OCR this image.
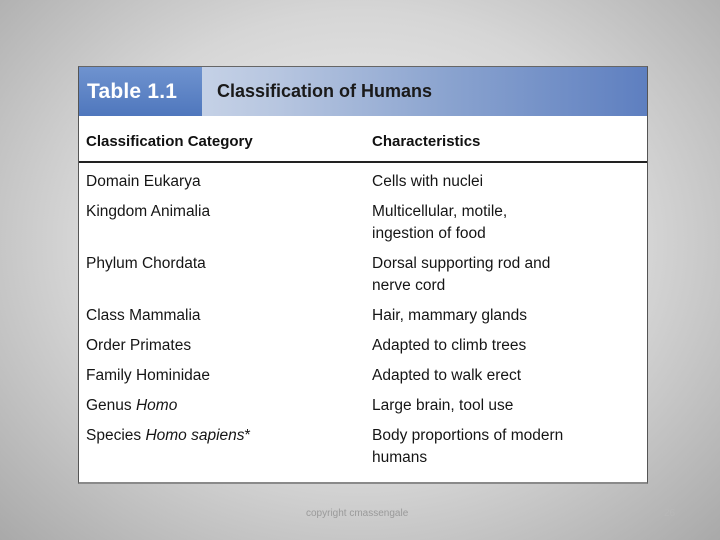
Table 1.1	Classification of Humans
Classification Category	Characteristics
Domain Eukarya	Cells with nuclei
Kingdom Animalia	Multicellular, motile,
ingestion of food
Phylum Chordata	Dorsal supporting rod and
nerve cord
Class Mammalia	Hair, mammary glands
Order Primates	Adapted to climb trees
Family Hominidae	Adapted to walk erect
Genus Homo	Large brain, tool use
Species Homo sapiens*	Body proportions of modern
humans
copyright cmassengale	26
